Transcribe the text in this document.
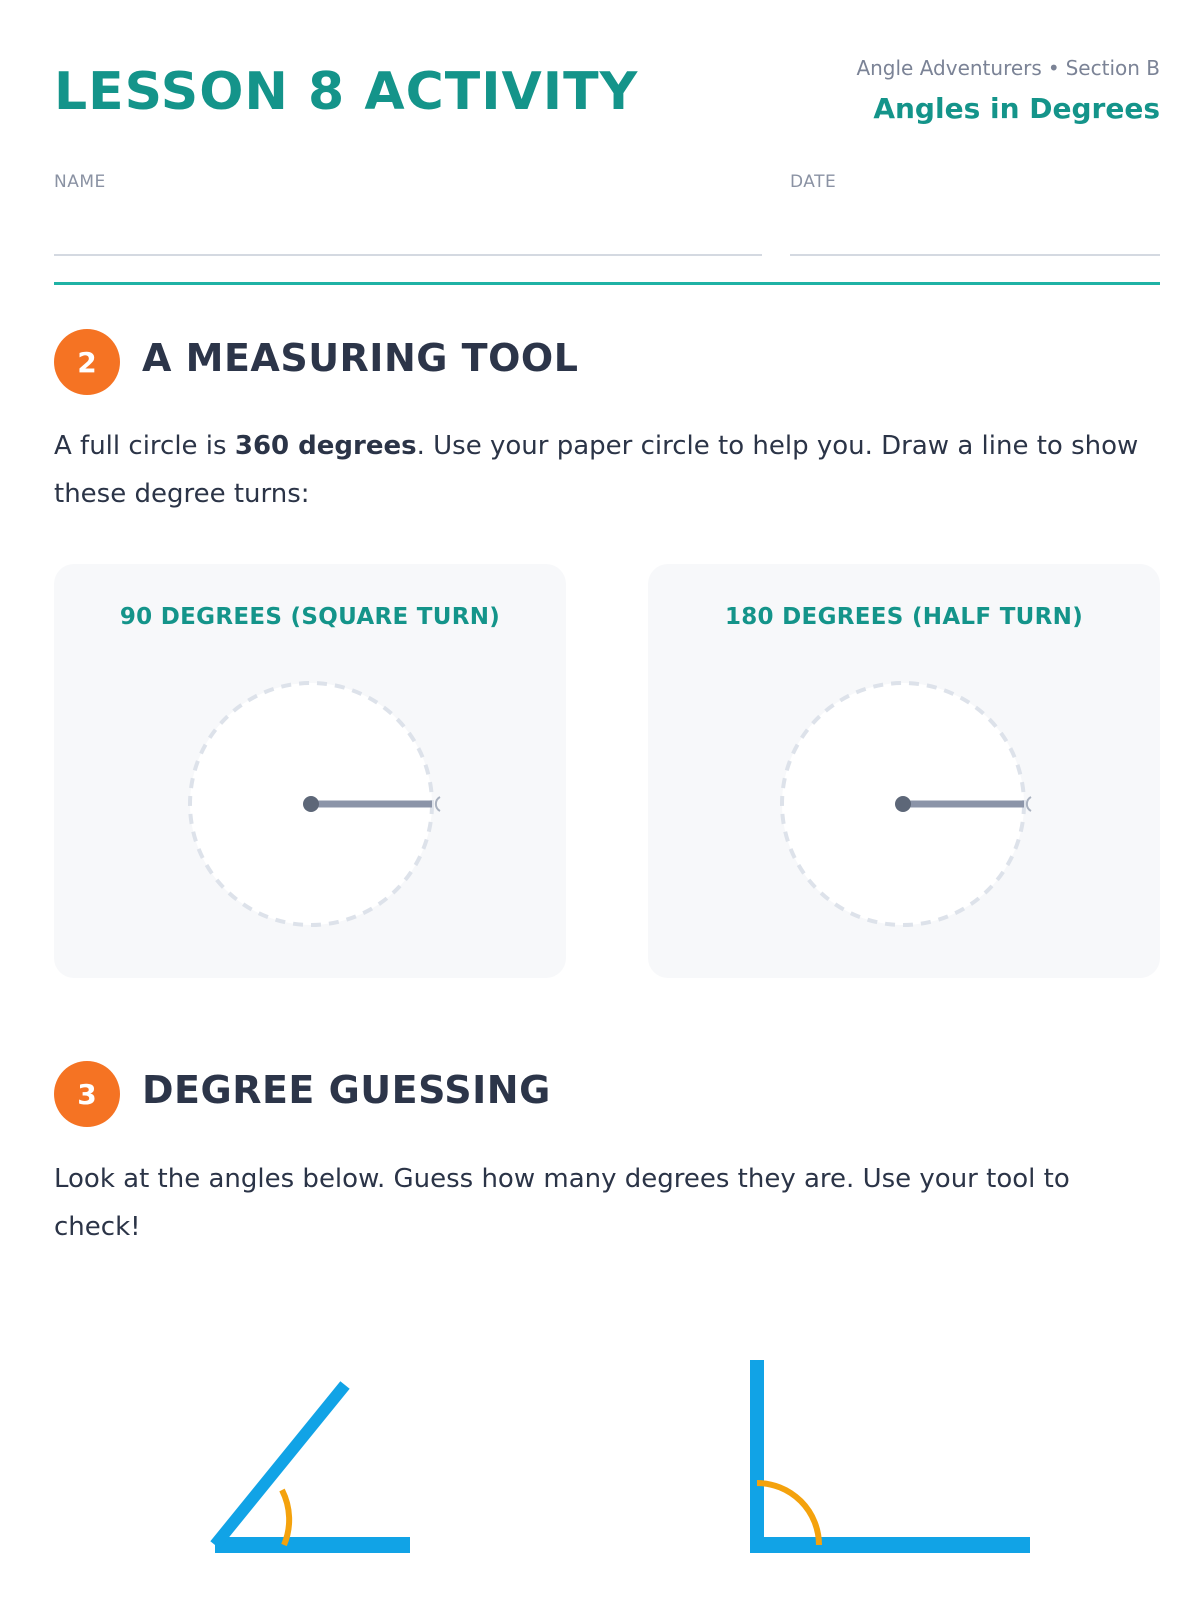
LESSON 8 ACTIVITY	Angle Adventurers • Section B
Angles in Degrees
NAME	DATE
2	A MEASURING TOOL

A full circle is 360 degrees. Use your paper circle to help you. Draw a line to show these degree turns:

90 DEGREES (SQUARE TURN)	180 DEGREES (HALF TURN)
3	DEGREE GUESSING

Look at the angles below. Guess how many degrees they are. Use your tool to check!
